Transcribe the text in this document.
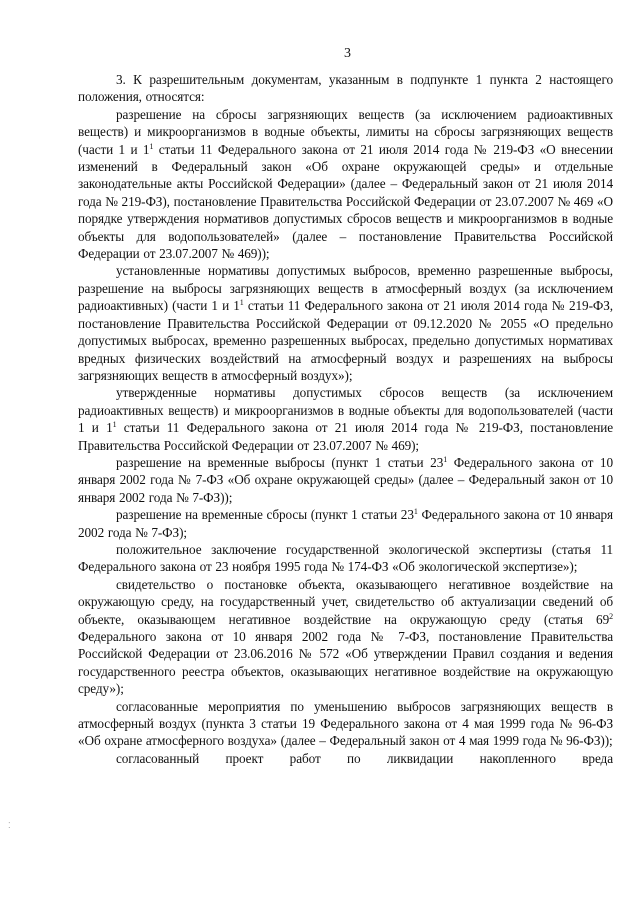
3

3. К разрешительным документам, указанным в подпункте 1 пункта 2 настоящего положения, относятся:

разрешение на сбросы загрязняющих веществ (за исключением радиоактивных веществ) и микроорганизмов в водные объекты, лимиты на сбросы загрязняющих веществ (части 1 и $1^1$ статьи 11 Федерального закона от 21 июля 2014 года № 219-ФЗ «О внесении изменений в Федеральный закон «Об охране окружающей среды» и отдельные законодательные акты Российской Федерации» (далее – Федеральный закон от 21 июля 2014 года № 219-ФЗ), постановление Правительства Российской Федерации от 23.07.2007 № 469 «О порядке утверждения нормативов допустимых сбросов веществ и микроорганизмов в водные объекты для водопользователей» (далее – постановление Правительства Российской Федерации от 23.07.2007 № 469));

установленные нормативы допустимых выбросов, временно разрешенные выбросы, разрешение на выбросы загрязняющих веществ в атмосферный воздух (за исключением радиоактивных) (части 1 и $1^1$ статьи 11 Федерального закона от 21 июля 2014 года № 219-ФЗ, постановление Правительства Российской Федерации от 09.12.2020 № 2055 «О предельно допустимых выбросах, временно разрешенных выбросах, предельно допустимых нормативах вредных физических воздействий на атмосферный воздух и разрешениях на выбросы загрязняющих веществ в атмосферный воздух»);

утвержденные нормативы допустимых сбросов веществ (за исключением радиоактивных веществ) и микроорганизмов в водные объекты для водопользователей (части 1 и $1^1$ статьи 11 Федерального закона от 21 июля 2014 года № 219-ФЗ, постановление Правительства Российской Федерации от 23.07.2007 № 469);

разрешение на временные выбросы (пункт 1 статьи $23^1$ Федерального закона от 10 января 2002 года № 7-ФЗ «Об охране окружающей среды» (далее – Федеральный закон от 10 января 2002 года № 7-ФЗ));

разрешение на временные сбросы (пункт 1 статьи $23^1$ Федерального закона от 10 января 2002 года № 7-ФЗ);

положительное заключение государственной экологической экспертизы (статья 11 Федерального закона от 23 ноября 1995 года № 174-ФЗ «Об экологической экспертизе»);

свидетельство о постановке объекта, оказывающего негативное воздействие на окружающую среду, на государственный учет, свидетельство об актуализации сведений об объекте, оказывающем негативное воздействие на окружающую среду (статья $69^2$ Федерального закона от 10 января 2002 года № 7-ФЗ, постановление Правительства Российской Федерации от 23.06.2016 № 572 «Об утверждении Правил создания и ведения государственного реестра объектов, оказывающих негативное воздействие на окружающую среду»);

согласованные мероприятия по уменьшению выбросов загрязняющих веществ в атмосферный воздух (пункта 3 статьи 19 Федерального закона от 4 мая 1999 года № 96-ФЗ «Об охране атмосферного воздуха» (далее – Федеральный закон от 4 мая 1999 года № 96-ФЗ));

согласованный проект работ по ликвидации накопленного вреда

⁚
